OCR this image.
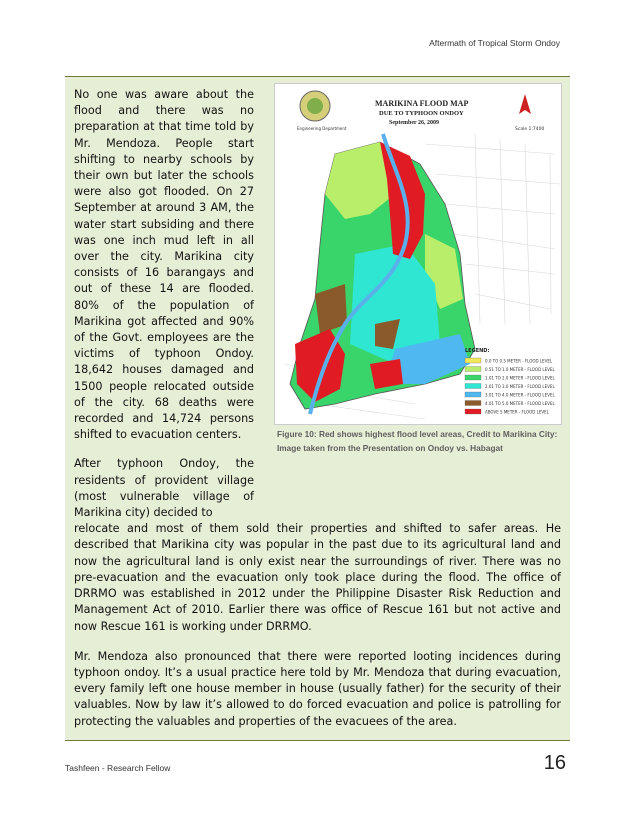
Aftermath of Tropical Storm Ondoy

No one was aware about the flood and there was no preparation at that time told by Mr. Mendoza. People start shifting to nearby schools by their own but later the schools were also got flooded. On 27 September at around 3 AM, the water start subsiding and there was one inch mud left in all over the city. Marikina city consists of 16 barangays and out of these 14 are flooded. 80% of the population of Marikina got affected and 90% of the Govt. employees are the victims of typhoon Ondoy. 18,642 houses damaged and 1500 people relocated outside of the city. 68 deaths were recorded and 14,724 persons shifted to evacuation centers.

After typhoon Ondoy, the residents of provident village (most vulnerable village of Marikina city) decided to

MARIKINA FLOOD MAP
DUE TO TYPHOON ONDOY
September 26, 2009
Engineering Department	Scale 1:7400
LEGEND:
0.0 TO 0.5 METER - FLOOD LEVEL
0.51 TO 1.0 METER - FLOOD LEVEL
1.01 TO 2.0 METER - FLOOD LEVEL
2.01 TO 3.0 METER - FLOOD LEVEL
3.01 TO 4.0 METER - FLOOD LEVEL
4.01 TO 5.0 METER - FLOOD LEVEL
ABOVE 5 METER - FLOOD LEVEL
Figure 10: Red shows highest flood level areas, Credit to Marikina City: Image taken from the Presentation on Ondoy vs. Habagat

relocate and most of them sold their properties and shifted to safer areas. He described that Marikina city was popular in the past due to its agricultural land and now the agricultural land is only exist near the surroundings of river. There was no pre-evacuation and the evacuation only took place during the flood. The office of DRRMO was established in 2012 under the Philippine Disaster Risk Reduction and Management Act of 2010. Earlier there was office of Rescue 161 but not active and now Rescue 161 is working under DRRMO.

Mr. Mendoza also pronounced that there were reported looting incidences during typhoon ondoy. It’s a usual practice here told by Mr. Mendoza that during evacuation, every family left one house member in house (usually father) for the security of their valuables. Now by law it’s allowed to do forced evacuation and police is patrolling for protecting the valuables and properties of the evacuees of the area.

Tashfeen - Research Fellow	16
